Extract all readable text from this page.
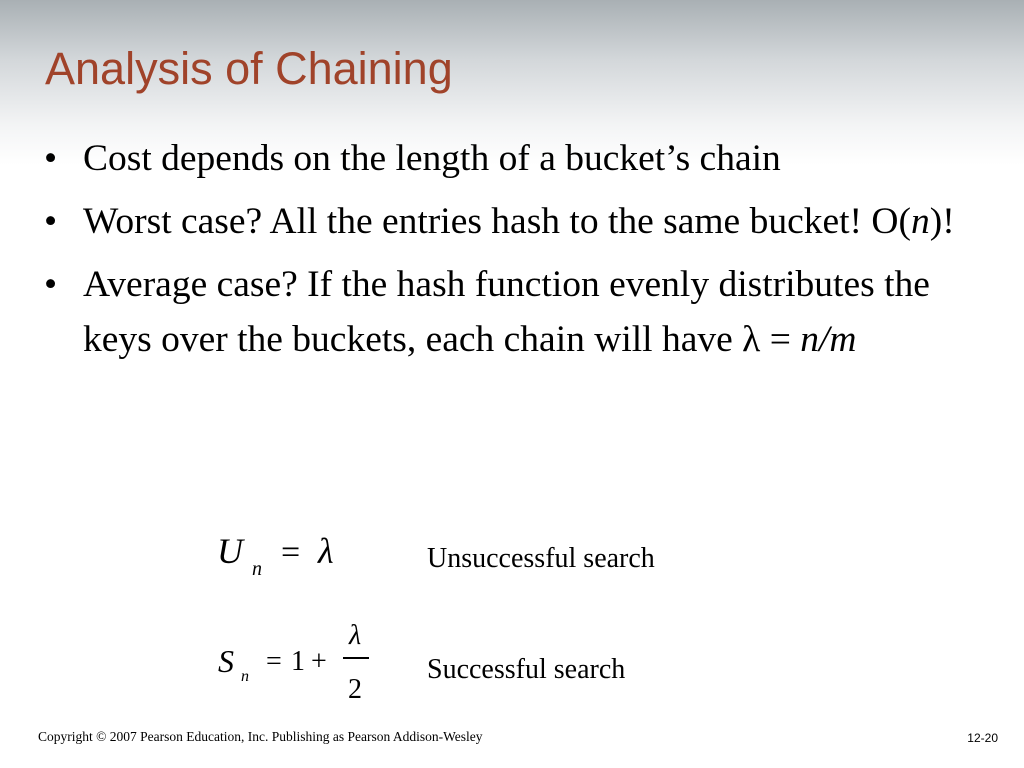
Analysis of Chaining
•
Cost depends on the length of a bucket’s chain
•
Worst case? All the entries hash to the same bucket! O(n)!
•
Average case? If the hash function evenly distributes the keys over the buckets, each chain will have λ = n/m
U n = λ	Unsuccessful search
S n = 1 +
λ
2
Successful search
Copyright © 2007 Pearson Education, Inc. Publishing as Pearson Addison-Wesley	12-20
